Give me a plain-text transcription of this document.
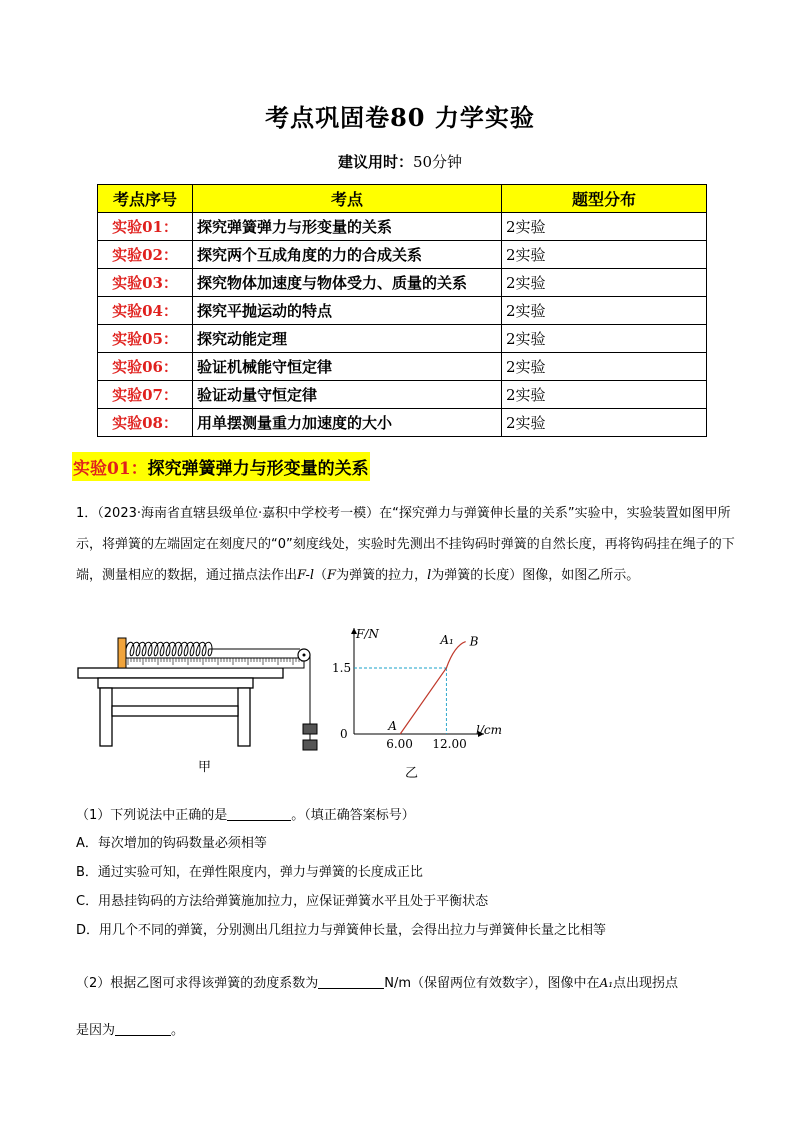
考点巩固卷80 力学实验
建议用时：50分钟
考点序号	考点	题型分布
实验01：	探究弹簧弹力与形变量的关系	2实验
实验02：	探究两个互成角度的力的合成关系	2实验
实验03：	探究物体加速度与物体受力、质量的关系	2实验
实验04：	探究平抛运动的特点	2实验
实验05：	探究动能定理	2实验
实验06：	验证机械能守恒定律	2实验
实验07：	验证动量守恒定律	2实验
实验08：	用单摆测量重力加速度的大小	2实验
实验01：探究弹簧弹力与形变量的关系
1．（2023·海南省直辖县级单位·嘉积中学校考一模）在“探究弹力与弹簧伸长量的关系”实验中，实验装置如图甲所示，将弹簧的左端固定在刻度尺的“0”刻度线处，实验时先测出不挂钩码时弹簧的自然长度，再将钩码挂在绳子的下端，测量相应的数据，通过描点法作出F-l（F为弹簧的拉力，l为弹簧的长度）图像，如图乙所示。
甲
F/N
l/cm
0
1.5
6.00 12.00
A
A₁ B
乙
（1）下列说法中正确的是	。（填正确答案标号）
A．每次增加的钩码数量必须相等
B．通过实验可知，在弹性限度内，弹力与弹簧的长度成正比
C．用悬挂钩码的方法给弹簧施加拉力，应保证弹簧水平且处于平衡状态
D．用几个不同的弹簧，分别测出几组拉力与弹簧伸长量，会得出拉力与弹簧伸长量之比相等
（2）根据乙图可求得该弹簧的劲度系数为	N/m（保留两位有效数字），图像中在A₁点出现拐点
是因为	。
